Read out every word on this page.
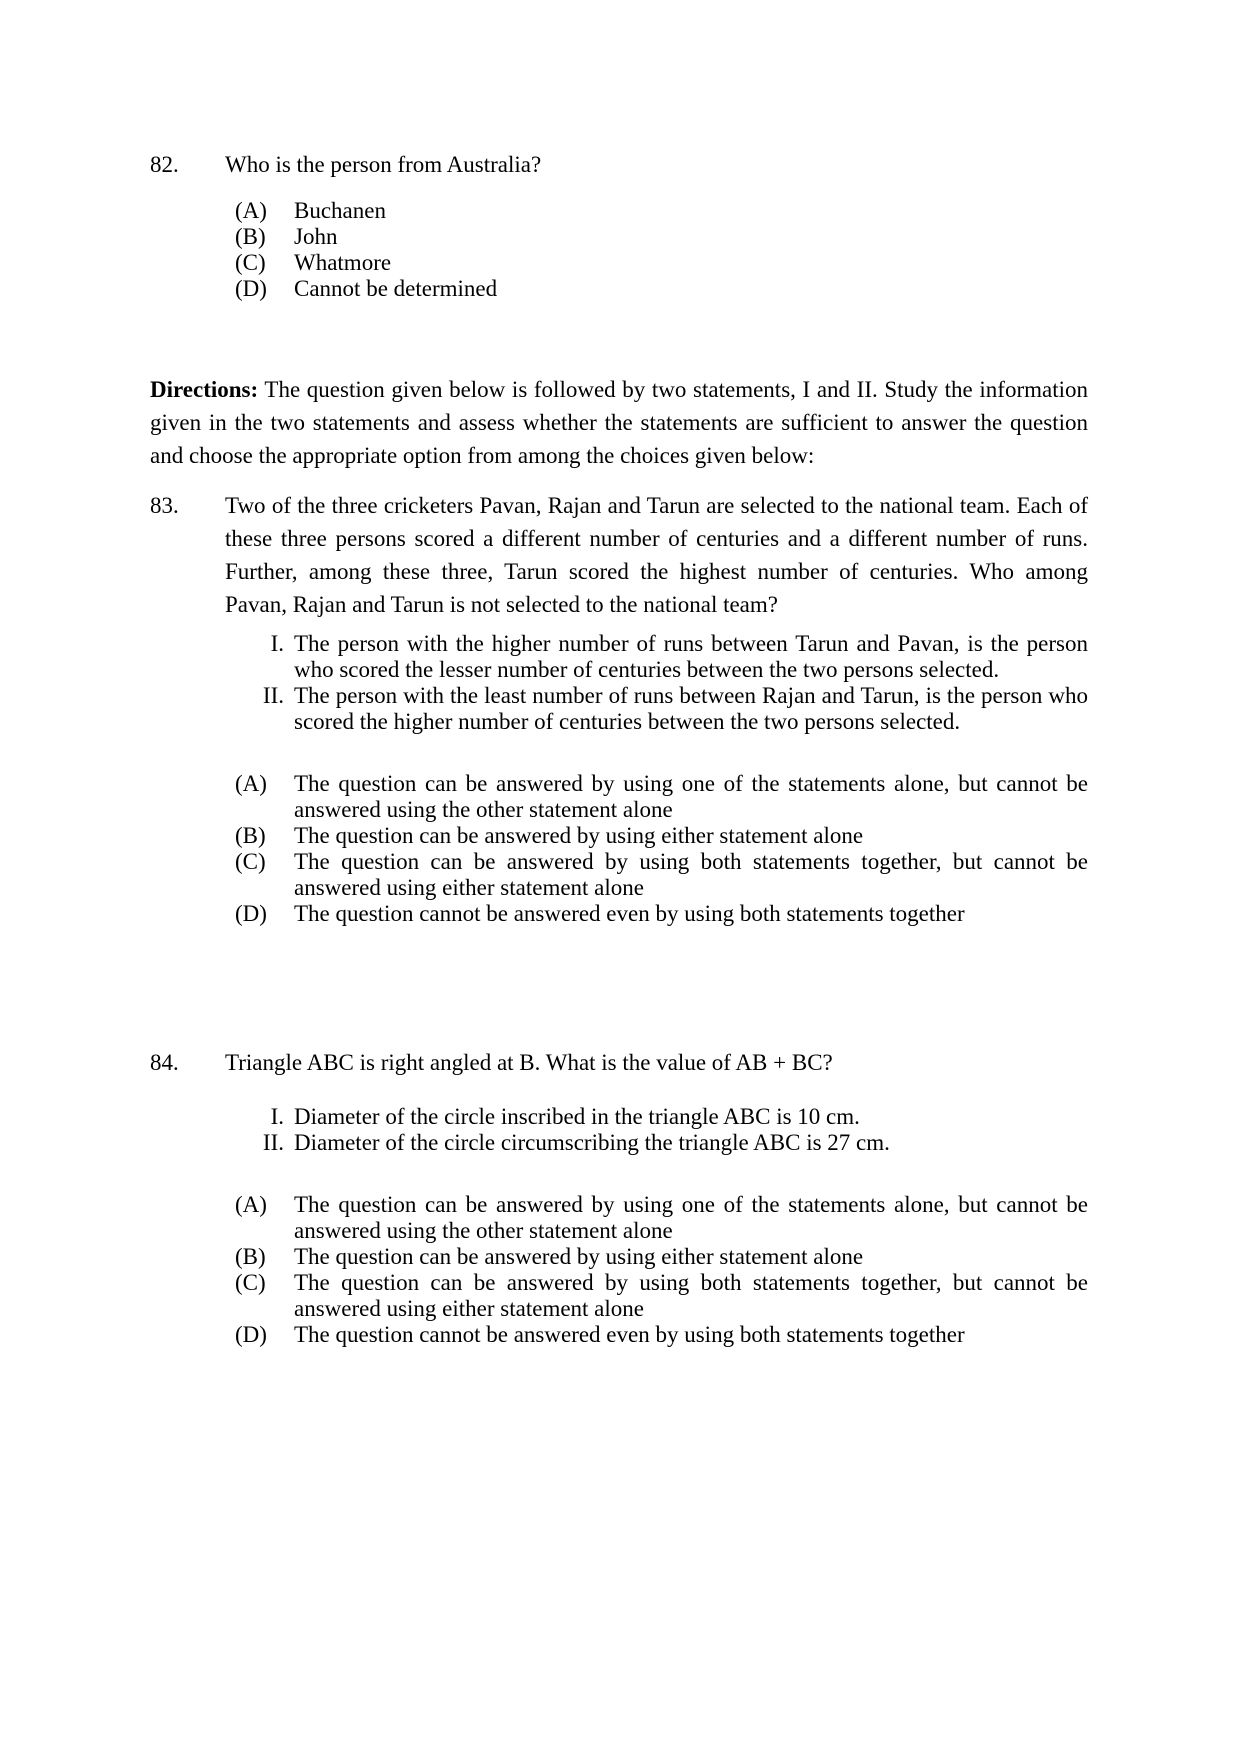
82.	Who is the person from Australia?
(A) Buchanen
(B) John
(C) Whatmore
(D) Cannot be determined
Directions: The question given below is followed by two statements, I and II. Study the information given in the two statements and assess whether the statements are sufficient to answer the question and choose the appropriate option from among the choices given below:
83.	Two of the three cricketers Pavan, Rajan and Tarun are selected to the national team. Each of these three persons scored a different number of centuries and a different number of runs. Further, among these three, Tarun scored the highest number of centuries. Who among Pavan, Rajan and Tarun is not selected to the national team?
I. The person with the higher number of runs between Tarun and Pavan, is the person who scored the lesser number of centuries between the two persons selected.
II. The person with the least number of runs between Rajan and Tarun, is the person who scored the higher number of centuries between the two persons selected.
(A) The question can be answered by using one of the statements alone, but cannot be answered using the other statement alone
(B) The question can be answered by using either statement alone
(C) The question can be answered by using both statements together, but cannot be answered using either statement alone
(D) The question cannot be answered even by using both statements together
84.	Triangle ABC is right angled at B. What is the value of AB + BC?
I. Diameter of the circle inscribed in the triangle ABC is 10 cm.
II. Diameter of the circle circumscribing the triangle ABC is 27 cm.
(A) The question can be answered by using one of the statements alone, but cannot be answered using the other statement alone
(B) The question can be answered by using either statement alone
(C) The question can be answered by using both statements together, but cannot be answered using either statement alone
(D) The question cannot be answered even by using both statements together
